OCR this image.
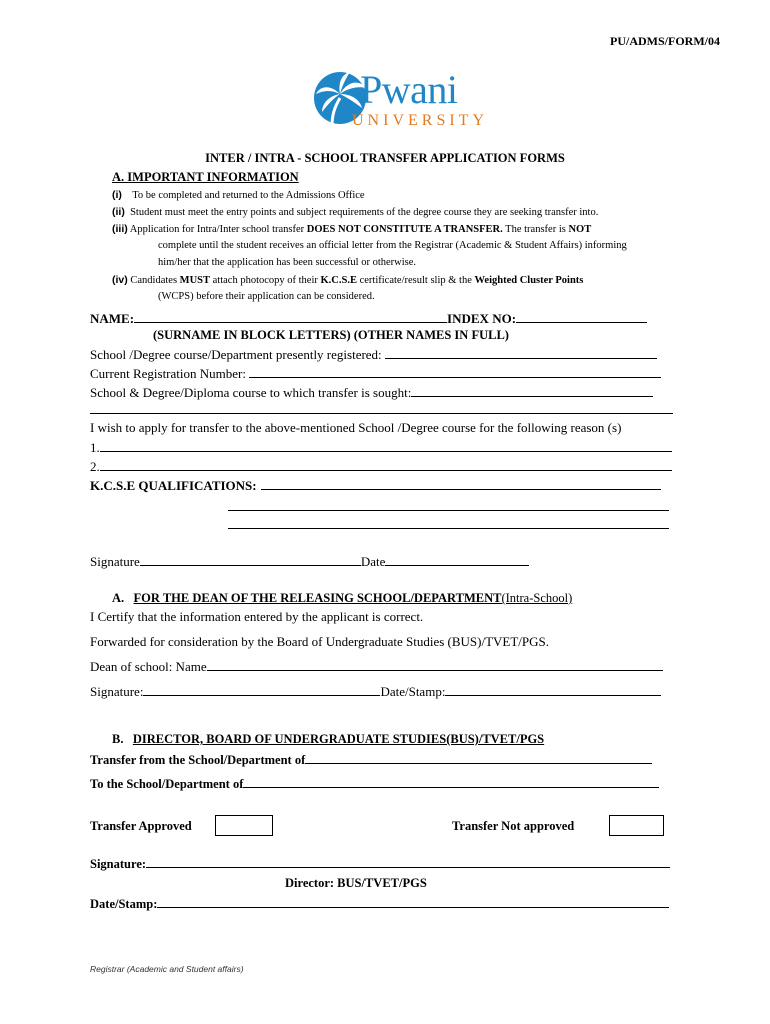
PU/ADMS/FORM/04
Pwani
UNIVERSITY
INTER / INTRA - SCHOOL TRANSFER APPLICATION FORMS
A. IMPORTANT INFORMATION
(i) To be completed and returned to the Admissions Office
(ii) Student must meet the entry points and subject requirements of the degree course they are seeking transfer into.
(iii) Application for Intra/Inter school transfer DOES NOT CONSTITUTE A TRANSFER. The transfer is NOT
complete until the student receives an official letter from the Registrar (Academic & Student Affairs) informing
him/her that the application has been successful or otherwise.
(iv) Candidates MUST attach photocopy of their K.C.S.E certificate/result slip & the Weighted Cluster Points
(WCPS) before their application can be considered.
NAME:	INDEX NO:
(SURNAME IN BLOCK LETTERS) (OTHER NAMES IN FULL)
School /Degree course/Department presently registered:
Current Registration Number:
School & Degree/Diploma course to which transfer is sought:
I wish to apply for transfer to the above-mentioned School /Degree course for the following reason (s)
1.
2.
K.C.S.E QUALIFICATIONS:
Signature	Date
A. FOR THE DEAN OF THE RELEASING SCHOOL/DEPARTMENT(Intra-School)
I Certify that the information entered by the applicant is correct.
Forwarded for consideration by the Board of Undergraduate Studies (BUS)/TVET/PGS.
Dean of school: Name
Signature:	Date/Stamp:
B. DIRECTOR, BOARD OF UNDERGRADUATE STUDIES(BUS)/TVET/PGS
Transfer from the School/Department of
To the School/Department of
Transfer Approved	Transfer Not approved
Signature:
Director: BUS/TVET/PGS
Date/Stamp:
Registrar (Academic and Student affairs)
